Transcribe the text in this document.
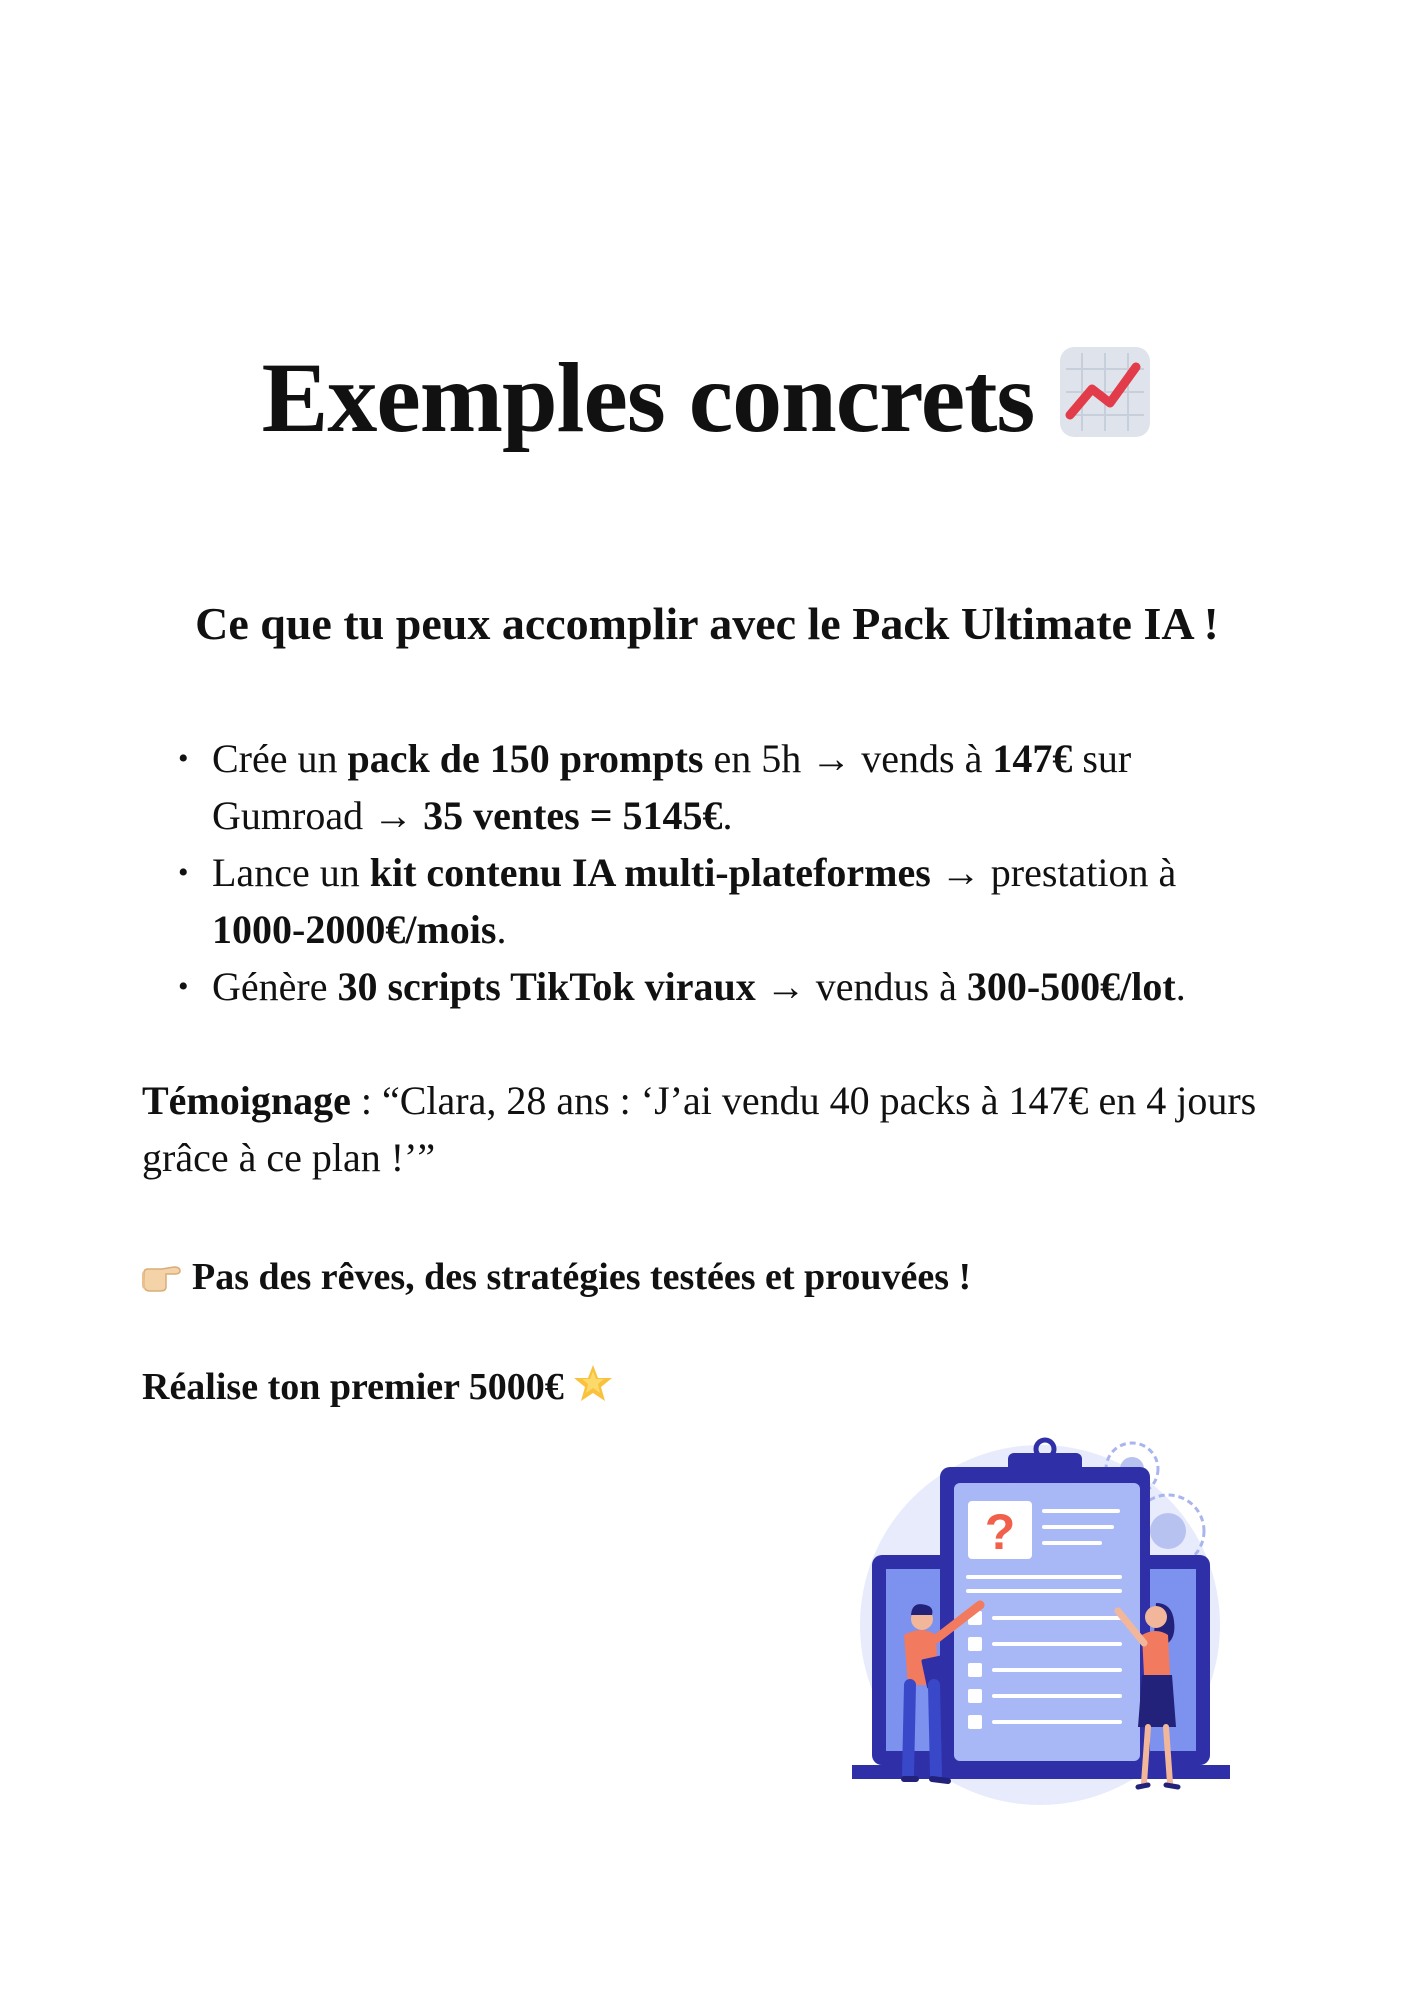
Exemples concrets
Ce que tu peux accomplir avec le Pack Ultimate IA !
• Crée un pack de 150 prompts en 5h → vends à 147€ sur Gumroad → 35 ventes = 5145€.
• Lance un kit contenu IA multi-plateformes → prestation à
1000-2000€/mois.
• Génère 30 scripts TikTok viraux → vendus à 300-500€/lot.
Témoignage : “Clara, 28 ans : ‘J’ai vendu 40 packs à 147€ en 4 jours grâce à ce plan !’”
Pas des rêves, des stratégies testées et prouvées !
Réalise ton premier 5000€
?
